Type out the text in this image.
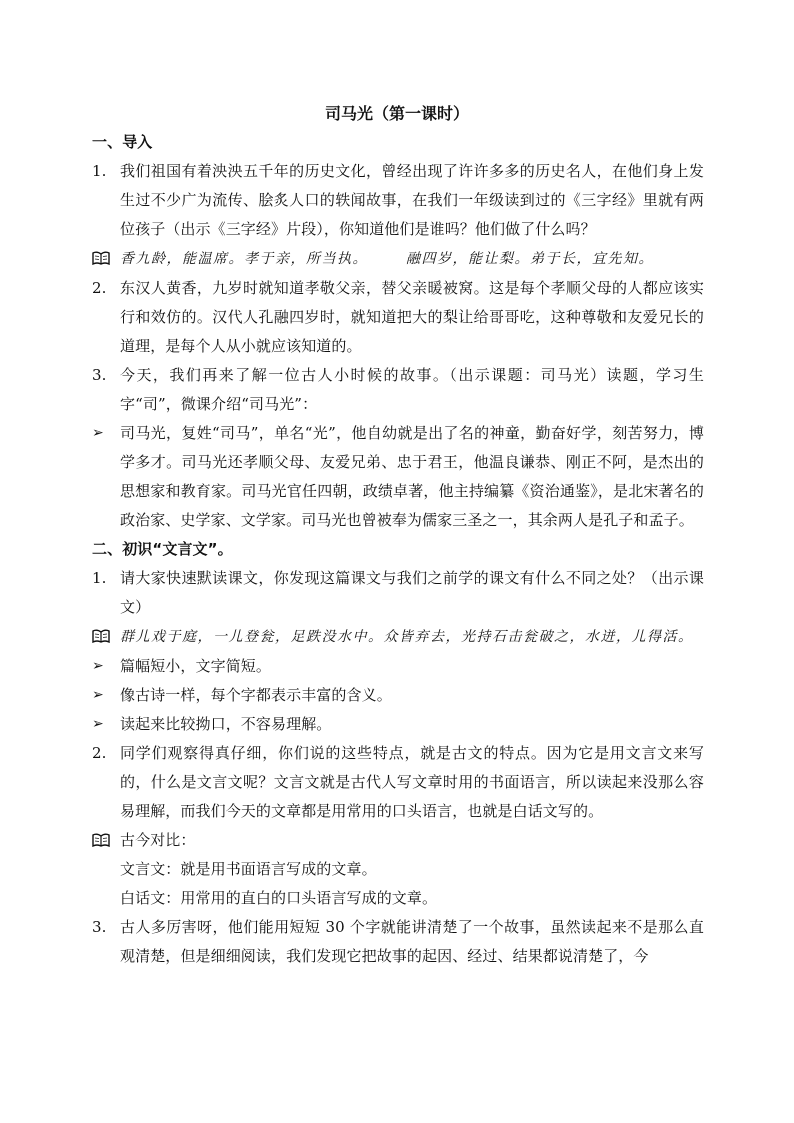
司马光（第一课时）
一、导入
1. 我们祖国有着泱泱五千年的历史文化，曾经出现了许许多多的历史名人，在他们身上发生过不少广为流传、脍炙人口的轶闻故事，在我们一年级读到过的《三字经》里就有两位孩子（出示《三字经》片段），你知道他们是谁吗？他们做了什么吗？
香九龄，能温席。孝于亲，所当执。	融四岁，能让梨。弟于长，宜先知。
2. 东汉人黄香，九岁时就知道孝敬父亲，替父亲暖被窝。这是每个孝顺父母的人都应该实行和效仿的。汉代人孔融四岁时，就知道把大的梨让给哥哥吃，这种尊敬和友爱兄长的道理，是每个人从小就应该知道的。
3. 今天，我们再来了解一位古人小时候的故事。（出示课题：司马光）读题，学习生字“司”，微课介绍“司马光”：
➢	司马光，复姓“司马”，单名“光”，他自幼就是出了名的神童，勤奋好学，刻苦努力，博学多才。司马光还孝顺父母、友爱兄弟、忠于君王，他温良谦恭、刚正不阿，是杰出的思想家和教育家。司马光官任四朝，政绩卓著，他主持编纂《资治通鉴》，是北宋著名的政治家、史学家、文学家。司马光也曾被奉为儒家三圣之一，其余两人是孔子和孟子。
二、初识“文言文”。
1. 请大家快速默读课文，你发现这篇课文与我们之前学的课文有什么不同之处？（出示课文）
群儿戏于庭，一儿登瓮，足跌没水中。众皆弃去，光持石击瓮破之，水迸，儿得活。
➢	篇幅短小，文字简短。
➢	像古诗一样，每个字都表示丰富的含义。
➢	读起来比较拗口，不容易理解。
2. 同学们观察得真仔细，你们说的这些特点，就是古文的特点。因为它是用文言文来写的，什么是文言文呢？文言文就是古代人写文章时用的书面语言，所以读起来没那么容易理解，而我们今天的文章都是用常用的口头语言，也就是白话文写的。
古今对比：
文言文：就是用书面语言写成的文章。
白话文：用常用的直白的口头语言写成的文章。
3. 古人多厉害呀，他们能用短短 30 个字就能讲清楚了一个故事，虽然读起来不是那么直观清楚，但是细细阅读，我们发现它把故事的起因、经过、结果都说清楚了，今
